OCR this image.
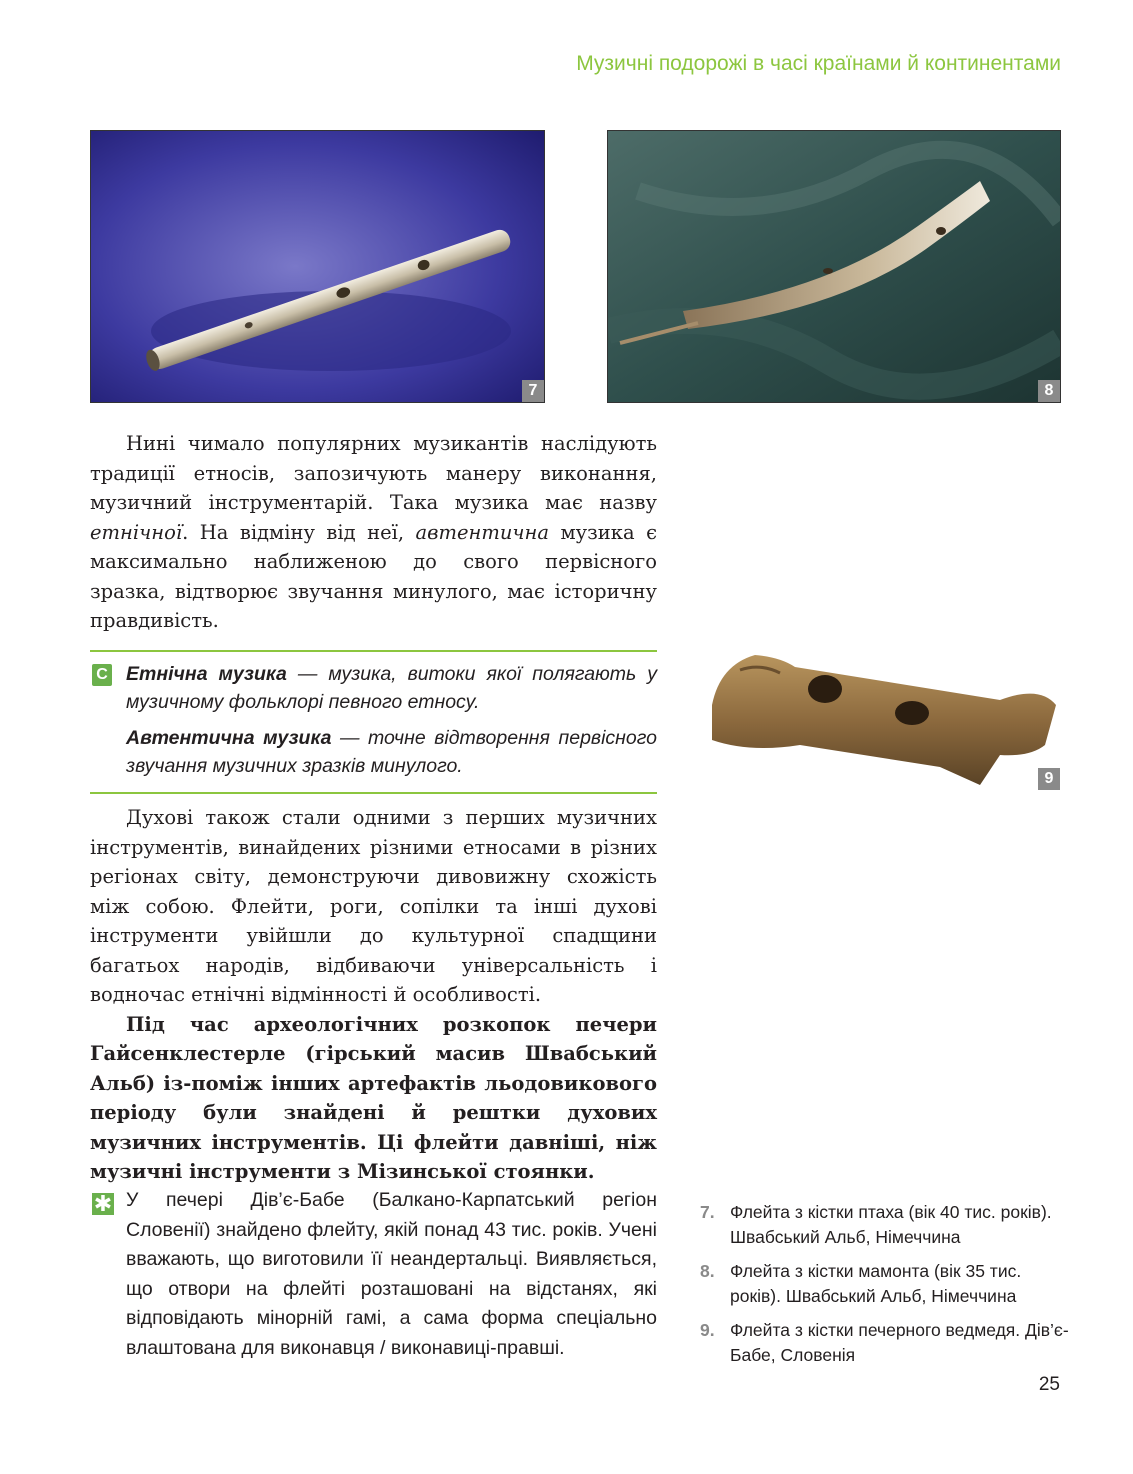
Музичні подорожі в часі країнами й континентами
7	8
9

Нині чимало популярних музикантів наслідують традиції етносів, запозичують манеру виконання, музичний інструментарій. Така музика має назву етнічної. На відміну від неї, автентична музика є максимально наближеною до свого первісного зразка, відтворює звучання минулого, має історичну правдивість.

С Етнічна музика — музика, витоки якої полягають у музичному фольклорі певного етносу.
Автентична музика — точне відтворення первісного звучання музичних зразків минулого.

Духові також стали одними з перших музичних інструментів, винайдених різними етносами в різних регіонах світу, демонструючи дивовижну схожість між собою. Флейти, роги, сопілки та інші духові інструменти увійшли до культурної спадщини багатьох народів, відбиваючи універсальність і водночас етнічні відмінності й особливості.

Під час археологічних розкопок печери Гайсенклестерле (гірський масив Швабський Альб) із-поміж інших артефактів льодовикового періоду були знайдені й рештки духових музичних інструментів. Ці флейти давніші, ніж музичні інструменти з Мізинської стоянки.

✱ У печері Дів’є-Бабе (Балкано-Карпатський регіон Словенії) знайдено флейту, якій понад 43 тис. років. Учені вважають, що виготовили її неандертальці. Виявляється, що отвори на флейті розташовані на відстанях, які відповідають мінорній гамі, а сама форма спеціально влаштована для виконавця / виконавиці-правші.
7. Флейта з кістки птаха (вік 40 тис. років). Швабський Альб, Німеччина
8. Флейта з кістки мамонта (вік 35 тис. років). Швабський Альб, Німеччина
9. Флейта з кістки печерного ведмедя. Дів’є-Бабе, Словенія
25
